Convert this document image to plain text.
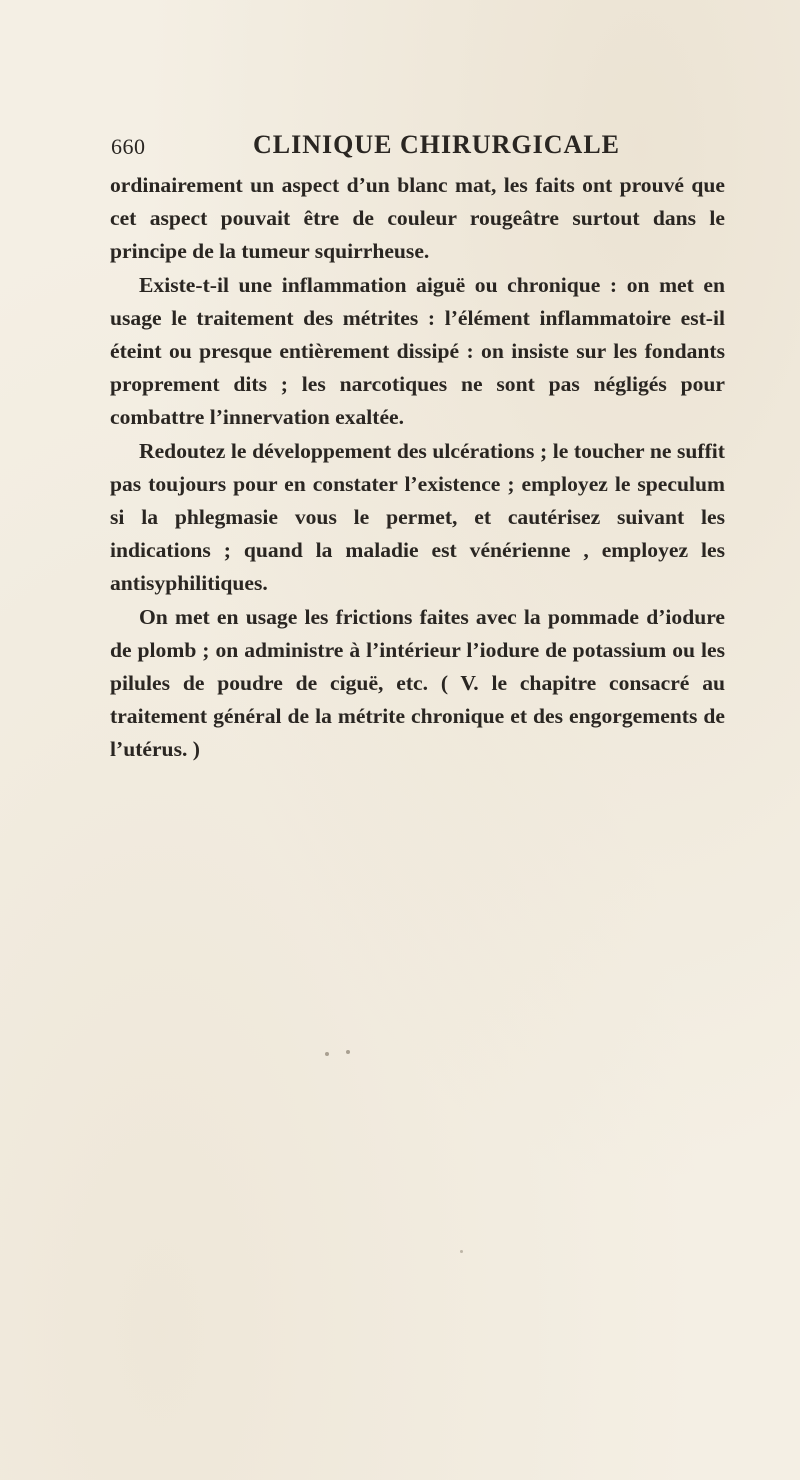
660	CLINIQUE CHIRURGICALE

ordinairement un aspect d’un blanc mat, les faits ont prouvé que cet aspect pouvait être de couleur rougeâtre surtout dans le principe de la tumeur squirrheuse.

Existe-t-il une inflammation aiguë ou chronique : on met en usage le traitement des métrites : l’élément inflammatoire est-il éteint ou presque entièrement dissipé : on insiste sur les fondants proprement dits ; les narcotiques ne sont pas négligés pour combattre l’innervation exaltée.

Redoutez le développement des ulcérations ; le toucher ne suffit pas toujours pour en constater l’existence ; employez le speculum si la phlegmasie vous le permet, et cautérisez suivant les indications ; quand la maladie est vénérienne , employez les antisyphilitiques.

On met en usage les frictions faites avec la pommade d’iodure de plomb ; on administre à l’intérieur l’iodure de potassium ou les pilules de poudre de ciguë, etc. ( V. le chapitre consacré au traitement général de la métrite chronique et des engorgements de l’utérus. )
